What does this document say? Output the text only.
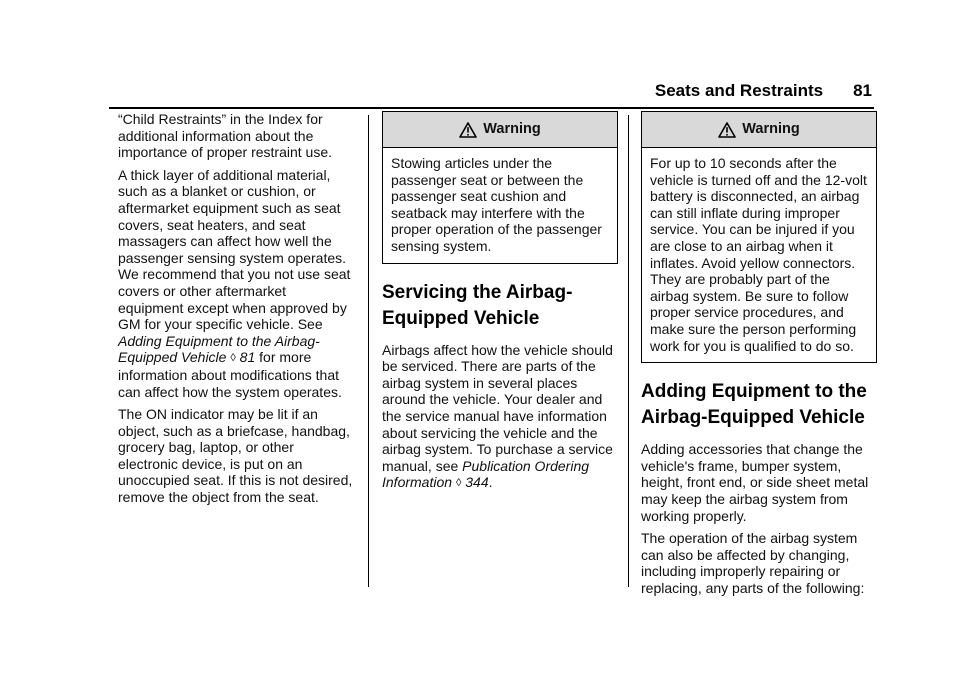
Seats and Restraints 81

“Child Restraints” in the Index for additional information about the importance of proper restraint use.

A thick layer of additional material, such as a blanket or cushion, or aftermarket equipment such as seat covers, seat heaters, and seat massagers can affect how well the passenger sensing system operates. We recommend that you not use seat covers or other aftermarket equipment except when approved by GM for your specific vehicle. See Adding Equipment to the Airbag-Equipped Vehicle ◊ 81 for more information about modifications that can affect how the system operates.

The ON indicator may be lit if an object, such as a briefcase, handbag, grocery bag, laptop, or other electronic device, is put on an unoccupied seat. If this is not desired, remove the object from the seat.

Warning
Stowing articles under the passenger seat or between the passenger seat cushion and seatback may interfere with the proper operation of the passenger sensing system.
Servicing the Airbag-Equipped Vehicle

Airbags affect how the vehicle should be serviced. There are parts of the airbag system in several places around the vehicle. Your dealer and the service manual have information about servicing the vehicle and the airbag system. To purchase a service manual, see Publication Ordering Information ◊ 344.

Warning
For up to 10 seconds after the vehicle is turned off and the 12-volt battery is disconnected, an airbag can still inflate during improper service. You can be injured if you are close to an airbag when it inflates. Avoid yellow connectors. They are probably part of the airbag system. Be sure to follow proper service procedures, and make sure the person performing work for you is qualified to do so.
Adding Equipment to the Airbag-Equipped Vehicle

Adding accessories that change the vehicle's frame, bumper system, height, front end, or side sheet metal may keep the airbag system from working properly.

The operation of the airbag system can also be affected by changing, including improperly repairing or replacing, any parts of the following:
